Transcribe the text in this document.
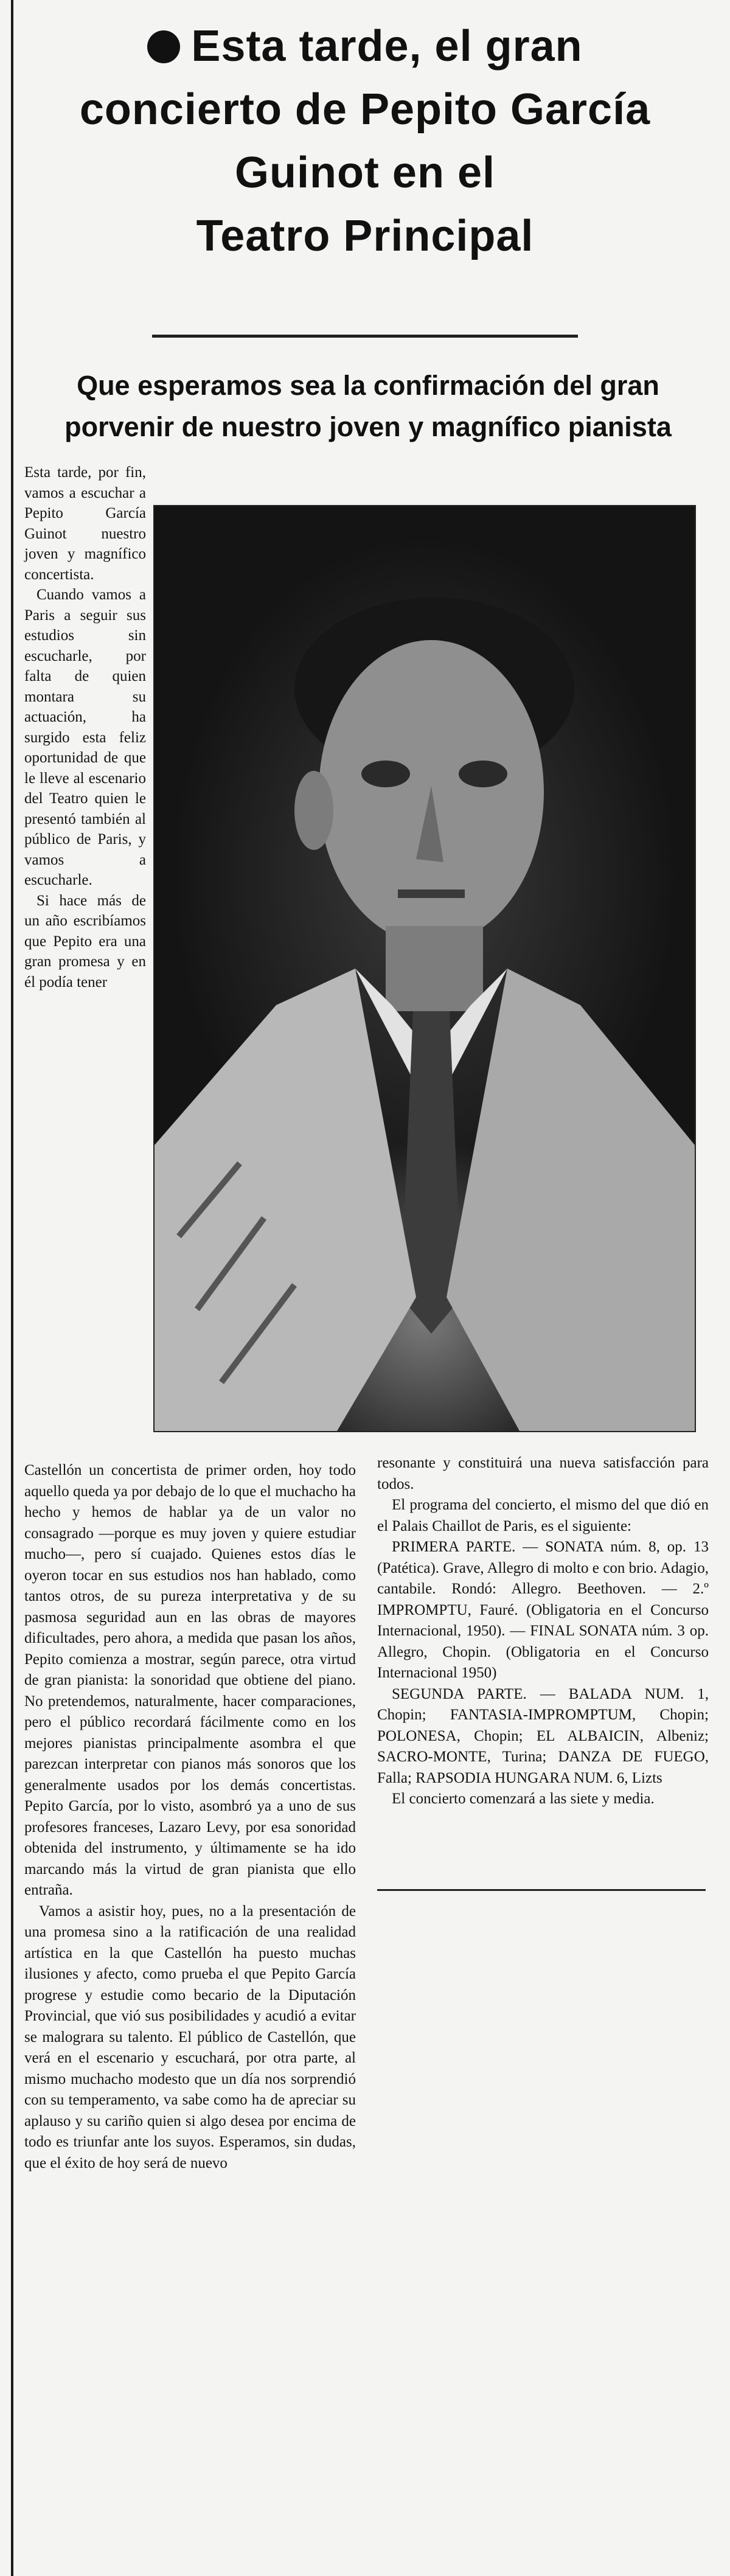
Esta tarde, el gran
concierto de Pepito García
Guinot en el
Teatro Principal
Que esperamos sea la confirmación del gran
porvenir de nuestro joven y magnífico pianista

Esta tarde, por fin, vamos a escuchar a Pepito García Guinot nuestro joven y magnífico concertista.

Cuando vamos a Paris a seguir sus estudios sin escucharle, por falta de quien montara su actuación, ha surgido esta feliz oportunidad de que le lleve al escenario del Teatro quien le presentó también al público de Paris, y vamos a escucharle.

Si hace más de un año escribíamos que Pepito era una gran promesa y en él podía tener

Castellón un concertista de primer orden, hoy todo aquello queda ya por debajo de lo que el muchacho ha hecho y hemos de hablar ya de un valor no consagrado —porque es muy joven y quiere estudiar mucho—, pero sí cuajado. Quienes estos días le oyeron tocar en sus estudios nos han hablado, como tantos otros, de su pureza interpretativa y de su pasmosa seguridad aun en las obras de mayores dificultades, pero ahora, a medida que pasan los años, Pepito comienza a mostrar, según parece, otra virtud de gran pianista: la sonoridad que obtiene del piano. No pretendemos, naturalmente, hacer comparaciones, pero el público recordará fácilmente como en los mejores pianistas principalmente asombra el que parezcan interpretar con pianos más sonoros que los generalmente usados por los demás concertistas. Pepito García, por lo visto, asombró ya a uno de sus profesores franceses, Lazaro Levy, por esa sonoridad obtenida del instrumento, y últimamente se ha ido marcando más la virtud de gran pianista que ello entraña.

Vamos a asistir hoy, pues, no a la presentación de una promesa sino a la ratificación de una realidad artística en la que Castellón ha puesto muchas ilusiones y afecto, como prueba el que Pepito García progrese y estudie como becario de la Diputación Provincial, que vió sus posibilidades y acudió a evitar se malograra su talento. El público de Castellón, que verá en el escenario y escuchará, por otra parte, al mismo muchacho modesto que un día nos sorprendió con su temperamento, va sabe como ha de apreciar su aplauso y su cariño quien si algo desea por encima de todo es triunfar ante los suyos. Esperamos, sin dudas, que el éxito de hoy será de nuevo

resonante y constituirá una nueva satisfacción para todos.

El programa del concierto, el mismo del que dió en el Palais Chaillot de Paris, es el siguiente:

PRIMERA PARTE. — SONATA núm. 8, op. 13 (Patética). Grave, Allegro di molto e con brio. Adagio, cantabile. Rondó: Allegro. Beethoven. — 2.º IMPROMPTU, Fauré. (Obligatoria en el Concurso Internacional, 1950). — FINAL SONATA núm. 3 op. Allegro, Chopin. (Obligatoria en el Concurso Internacional 1950)

SEGUNDA PARTE. — BALADA NUM. 1, Chopin; FANTASIA-IMPROMPTUM, Chopin; POLONESA, Chopin; EL ALBAICIN, Albeniz; SACRO-MONTE, Turina; DANZA DE FUEGO, Falla; RAPSODIA HUNGARA NUM. 6, Lizts

El concierto comenzará a las siete y media.
